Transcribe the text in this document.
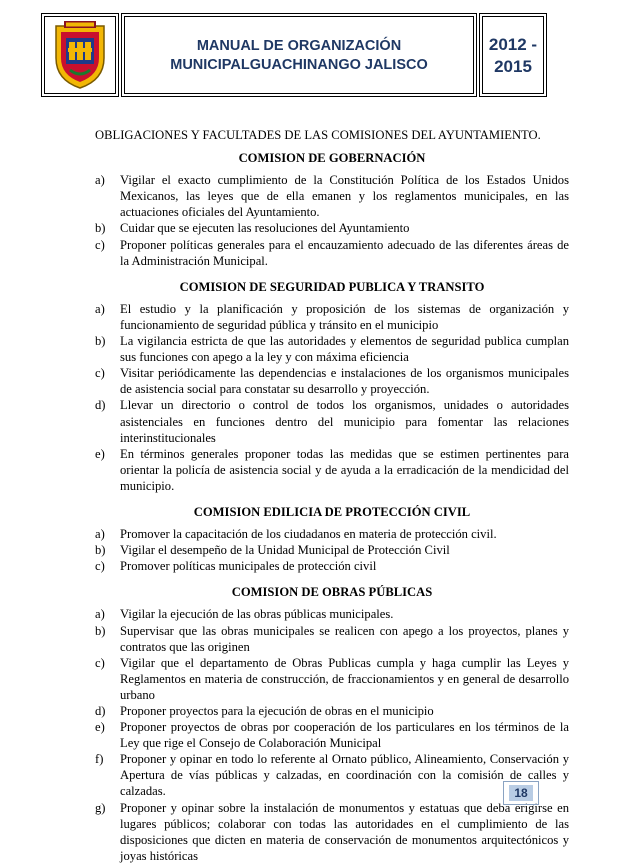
MANUAL DE ORGANIZACIÓN
MUNICIPALGUACHINANGO JALISCO
2012 -
2015

OBLIGACIONES Y FACULTADES DE LAS COMISIONES DEL AYUNTAMIENTO.

COMISION DE GOBERNACIÓN
a) Vigilar el exacto cumplimiento de la Constitución Política de los Estados Unidos Mexicanos, las leyes que de ella emanen y los reglamentos municipales, en las actuaciones oficiales del Ayuntamiento.
b) Cuidar que se ejecuten las resoluciones del Ayuntamiento
c) Proponer políticas generales para el encauzamiento adecuado de las diferentes áreas de la Administración Municipal.
COMISION DE SEGURIDAD PUBLICA Y TRANSITO
a) El estudio y la planificación y proposición de los sistemas de organización y funcionamiento de seguridad pública y tránsito en el municipio
b) La vigilancia estricta de que las autoridades y elementos de seguridad publica cumplan sus funciones con apego a la ley y con máxima eficiencia
c) Visitar periódicamente las dependencias e instalaciones de los organismos municipales de asistencia social para constatar su desarrollo y proyección.
d) Llevar un directorio o control de todos los organismos, unidades o autoridades asistenciales en funciones dentro del municipio para fomentar las relaciones interinstitucionales
e) En términos generales proponer todas las medidas que se estimen pertinentes para orientar la policía de asistencia social y de ayuda a la erradicación de la mendicidad del municipio.
COMISION EDILICIA DE PROTECCIÓN CIVIL
a) Promover la capacitación de los ciudadanos en materia de protección civil.
b) Vigilar el desempeño de la Unidad Municipal de Protección Civil
c) Promover políticas municipales de protección civil
COMISION DE OBRAS PÚBLICAS
a) Vigilar la ejecución de las obras públicas municipales.
b) Supervisar que las obras municipales se realicen con apego a los proyectos, planes y contratos que las originen
c) Vigilar que el departamento de Obras Publicas cumpla y haga cumplir las Leyes y Reglamentos en materia de construcción, de fraccionamientos y en general de desarrollo urbano
d) Proponer proyectos para la ejecución de obras en el municipio
e) Proponer proyectos de obras por cooperación de los particulares en los términos de la Ley que rige el Consejo de Colaboración Municipal
f) Proponer y opinar en todo lo referente al Ornato público, Alineamiento, Conservación y Apertura de vías públicas y calzadas, en coordinación con la comisión de calles y calzadas.
g) Proponer y opinar sobre la instalación de monumentos y estatuas que deba erigirse en lugares públicos; colaborar con todas las autoridades en el cumplimiento de las disposiciones que dicten en materia de conservación de monumentos arquitectónicos y joyas históricas
18
